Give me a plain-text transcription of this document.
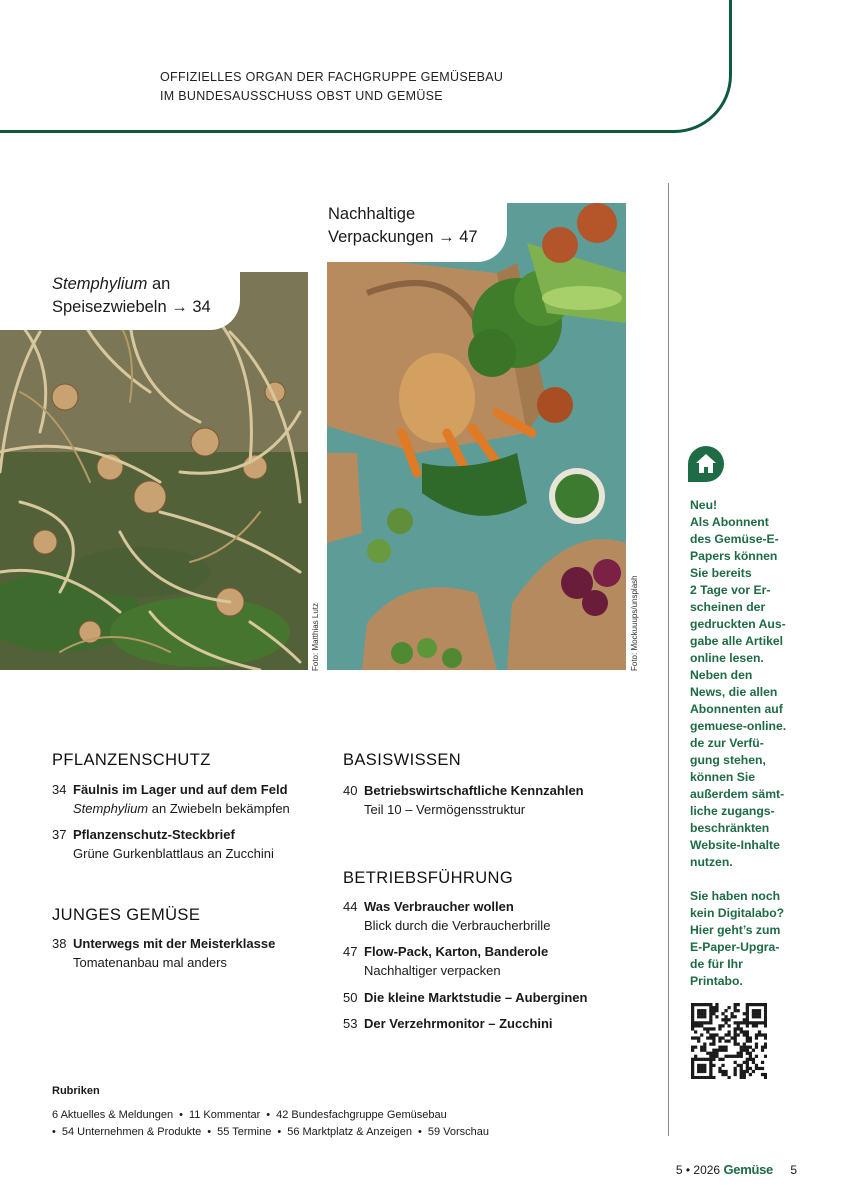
OFFIZIELLES ORGAN DER FACHGRUPPE GEMÜSEBAU
IM BUNDESAUSSCHUSS OBST UND GEMÜSE
Foto: Matthias Lutz	Foto: Mockuuups/unsplash
Stemphylium an
Speisezwiebeln → 34
Nachhaltige
Verpackungen → 47
PFLANZENSCHUTZ
34 Fäulnis im Lager und auf dem Feld
Stemphylium an Zwiebeln bekämpfen
37 Pflanzenschutz-Steckbrief
Grüne Gurkenblattlaus an Zucchini
JUNGES GEMÜSE
38 Unterwegs mit der Meisterklasse
Tomatenanbau mal anders
BASISWISSEN
40 Betriebswirtschaftliche Kennzahlen
Teil 10 – Vermögensstruktur
BETRIEBSFÜHRUNG
44 Was Verbraucher wollen
Blick durch die Verbraucherbrille
47 Flow-Pack, Karton, Banderole
Nachhaltiger verpacken
50 Die kleine Marktstudie – Auberginen
53 Der Verzehrmonitor – Zucchini
Rubriken
6 Aktuelles & Meldungen • 11 Kommentar • 42 Bundesfachgruppe Gemüsebau
• 54 Unternehmen & Produkte • 55 Termine • 56 Marktplatz & Anzeigen • 59 Vorschau

Neu!
Als Abonnent
des Gemüse-E-
Papers können
Sie bereits
2 Tage vor Er-
scheinen der
gedruckten Aus-
gabe alle Artikel
online lesen.
Neben den
News, die allen
Abonnenten auf
gemuese-online.
de zur Verfü-
gung stehen,
können Sie
außerdem sämt-
liche zugangs-
beschränkten
Website-Inhalte
nutzen.

Sie haben noch
kein Digitalabo?
Hier geht’s zum
E-Paper-Upgra-
de für Ihr
Printabo.

5 • 2026 Gemüse 5
